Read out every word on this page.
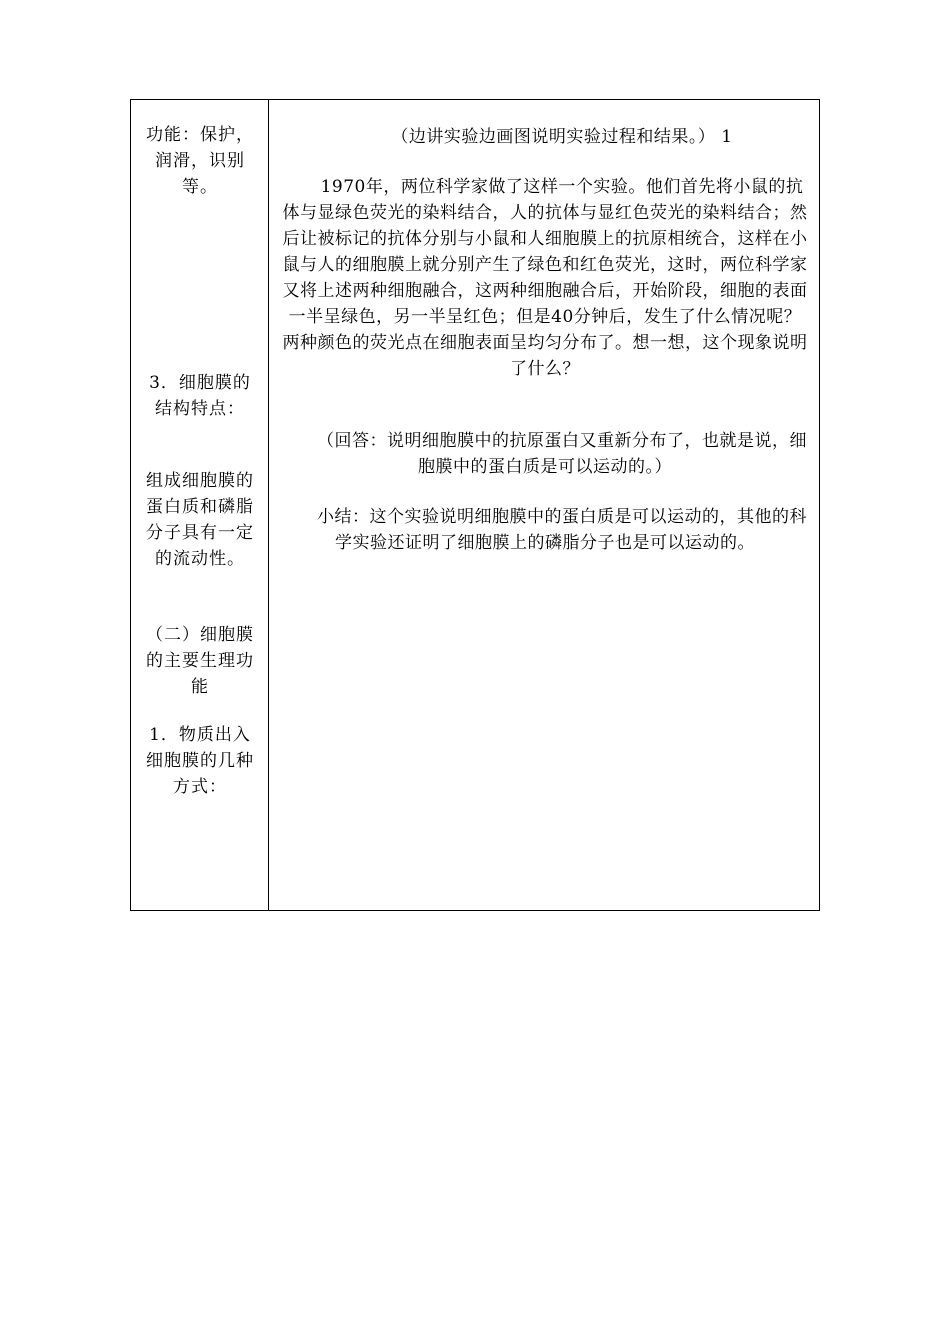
功能：保护，润滑，识别等。
3．细胞膜的结构特点：
组成细胞膜的蛋白质和磷脂分子具有一定的流动性。
（二）细胞膜的主要生理功能
1．物质出入细胞膜的几种方式：
（边讲实验边画图说明实验过程和结果。） 1
1970年，两位科学家做了这样一个实验。他们首先将小鼠的抗体与显绿色荧光的染料结合，人的抗体与显红色荧光的染料结合；然后让被标记的抗体分别与小鼠和人细胞膜上的抗原相统合，这样在小鼠与人的细胞膜上就分别产生了绿色和红色荧光，这时，两位科学家又将上述两种细胞融合，这两种细胞融合后，开始阶段，细胞的表面一半呈绿色，另一半呈红色；但是40分钟后，发生了什么情况呢？两种颜色的荧光点在细胞表面呈均匀分布了。想一想，这个现象说明了什么？
（回答：说明细胞膜中的抗原蛋白又重新分布了，也就是说，细胞膜中的蛋白质是可以运动的。）
小结：这个实验说明细胞膜中的蛋白质是可以运动的，其他的科学实验还证明了细胞膜上的磷脂分子也是可以运动的。
